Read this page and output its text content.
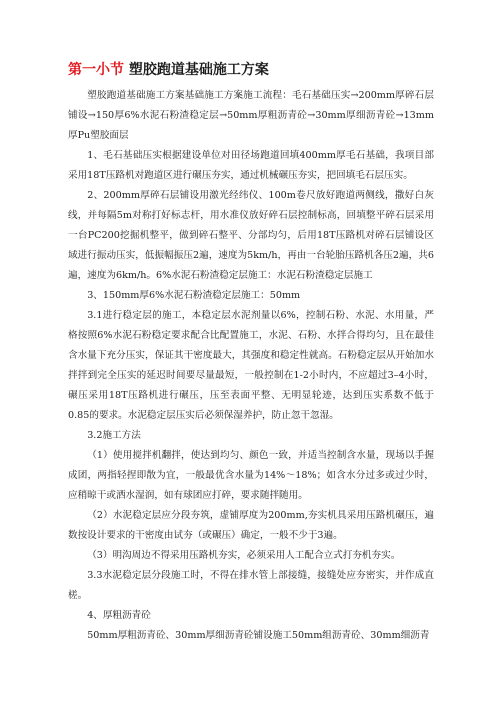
第一小节 塑胶跑道基础施工方案

塑胶跑道基础施工方案基础施工方案施工流程：毛石基础压实→200mm厚碎石层铺设→150厚6%水泥石粉渣稳定层→50mm厚粗沥青砼→30mm厚细沥青砼→13mm厚Pu塑胶面层

1、毛石基础压实根据建设单位对田径场跑道回填400mm厚毛石基础，我项目部采用18T压路机对跑道区进行碾压夯实，通过机械碾压夯实，把回填毛石层压实。

2、200mm厚碎石层铺设用激光经纬仪、100m卷尺放好跑道两侧线，撒好白灰线，并每隔5m对称打好标志杆，用水准仪放好碎石层控制标高，回填整平碎石层采用一台PC200挖掘机整平，做到碎石整平、分部均匀，后用18T压路机对碎石层铺设区域进行振动压实，低振幅振压2遍，速度为5km/h，再由一台轮胎压路机各压2遍，共6遍，速度为6km/h。6%水泥石粉渣稳定层施工：水泥石粉渣稳定层施工

3、150mm厚6%水泥石粉渣稳定层施工：50mm

3.1进行稳定层的施工，本稳定层水泥剂量以6%，控制石粉、水泥、水用量，严格按照6%水泥石粉稳定要求配合比配置施工，水泥、石粉、水拌合得均匀，且在最佳含水量下充分压实，保证其干密度最大，其强度和稳定性就高。石粉稳定层从开始加水拌拌到完全压实的延迟时间要尽量最短，一般控制在1-2小时内，不应超过3–4小时，碾压采用18T压路机进行碾压，压至表面平整、无明显轮迹，达到压实系数不低于0.85的要求。水泥稳定层压实后必须保湿养护，防止忽干忽湿。

3.2施工方法

（1）使用搅拌机翻拌，使达到均匀、颜色一致，并适当控制含水量，现场以手握成团，两指轻捏即散为宜，一般最优含水量为14%～18%；如含水分过多或过少时，应稍晾干或洒水湿润，如有球团应打碎，要求随拌随用。

（2）水泥稳定层应分段夯筑，虚铺厚度为200mm,夯实机具采用压路机碾压，遍数按设计要求的干密度由试夯（或碾压）确定，一般不少于3遍。

（3）明沟周边不得采用压路机夯实，必须采用人工配合立式打夯机夯实。

3.3水泥稳定层分段施工时，不得在排水管上部接缝，接缝处应夯密实，并作成直槎。

4、厚粗沥青砼

50mm厚粗沥青砼、30mm厚细沥青砼铺设施工50mm组沥青砼、30mm细沥青
